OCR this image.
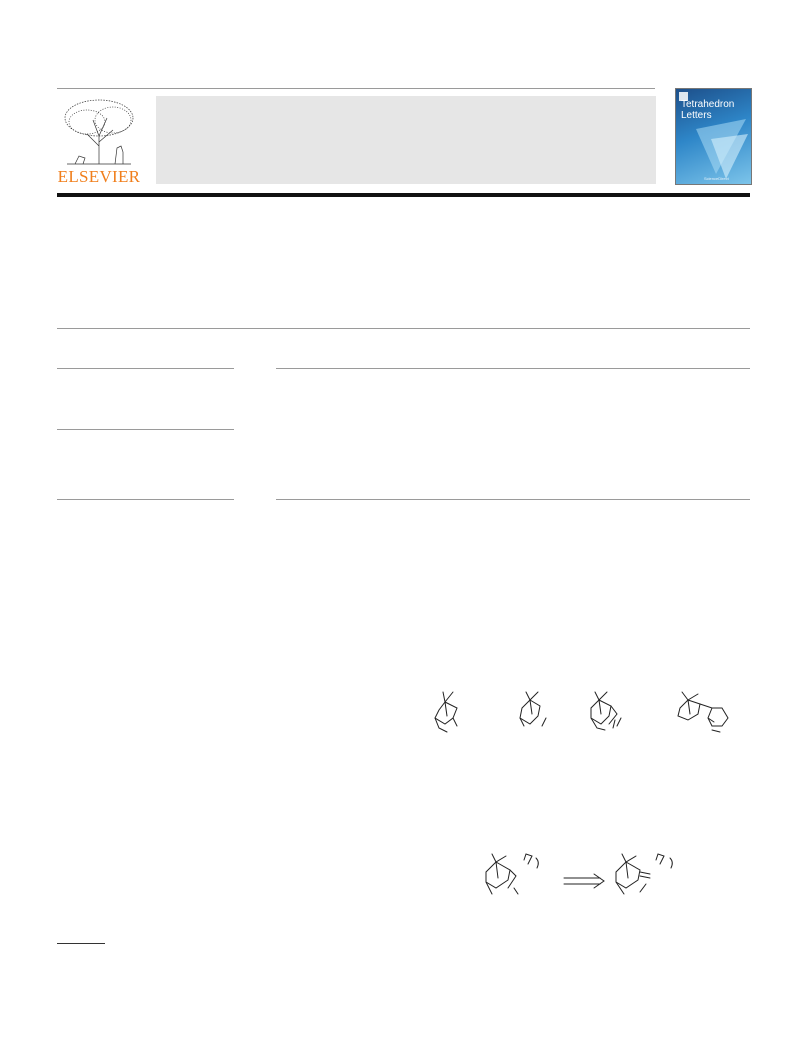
ELSEVIER
Tetrahedron
Letters
ScienceDirect
